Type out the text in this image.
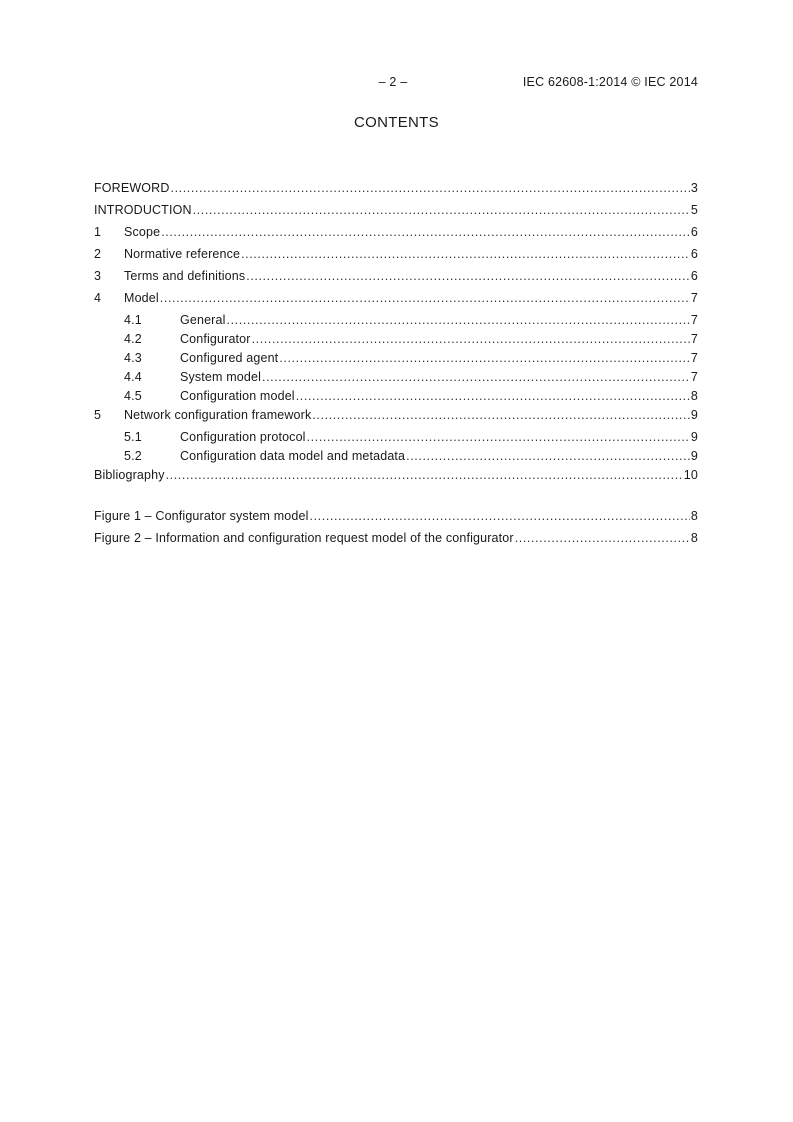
– 2 –	IEC 62608-1:2014 © IEC 2014
CONTENTS
FOREWORD .....	3
INTRODUCTION .....	5
1	Scope .....	6
2	Normative reference .....	6
3	Terms and definitions .....	6
4	Model .....	7
4.1	General .....	7
4.2	Configurator .....	7
4.3	Configured agent .....	7
4.4	System model .....	7
4.5	Configuration model .....	8
5	Network configuration framework .....	9
5.1	Configuration protocol .....	9
5.2	Configuration data model and metadata .....	9
Bibliography .....	10
Figure 1 – Configurator system model .....	8
Figure 2 – Information and configuration request model of the configurator .....	8
